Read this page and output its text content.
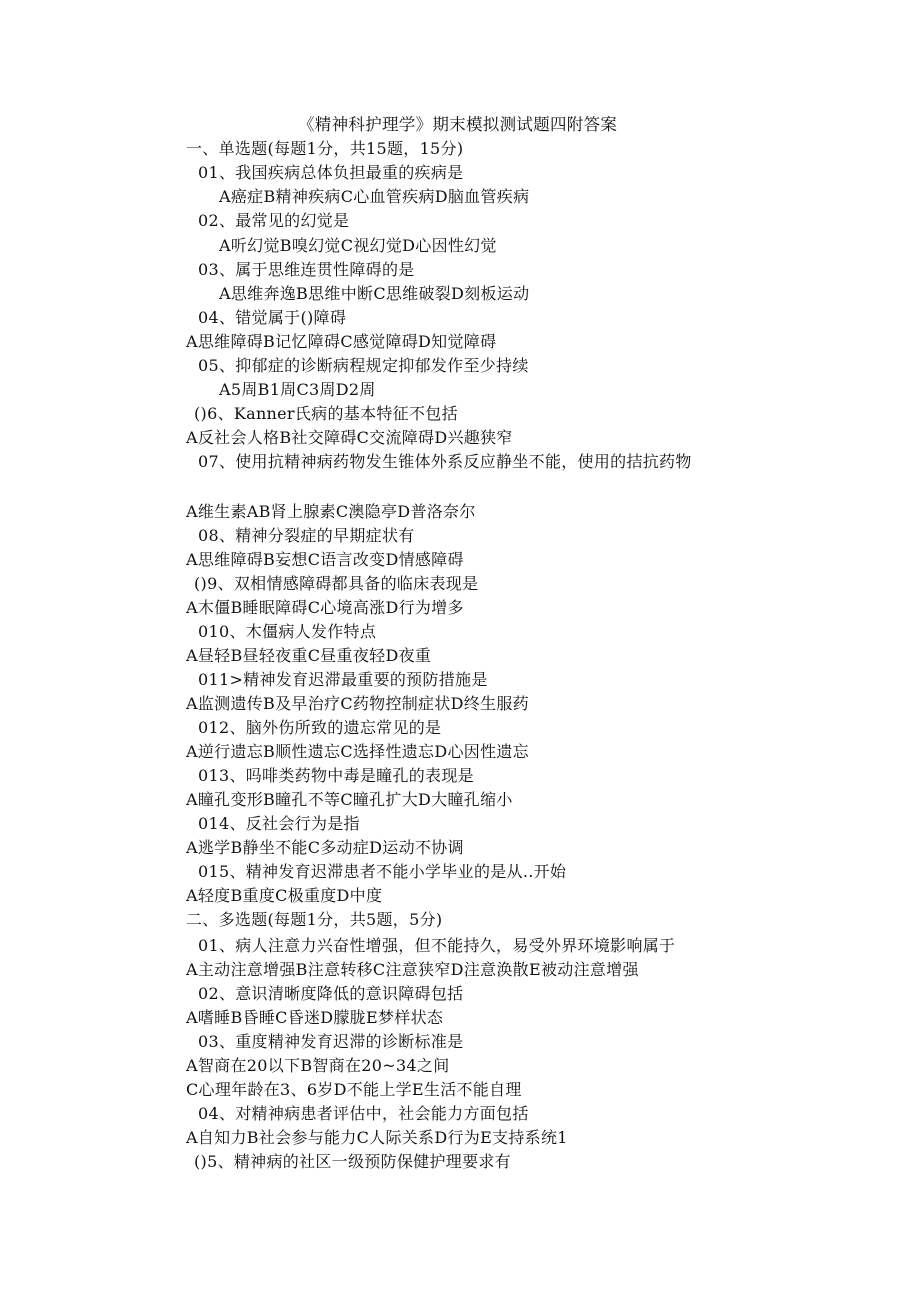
《精神科护理学》期末模拟测试题四附答案
一、单选题(每题1分，共15题，15分)
01、我国疾病总体负担最重的疾病是
A癌症B精神疾病C心血管疾病D脑血管疾病
02、最常见的幻觉是
A听幻觉B嗅幻觉C视幻觉D心因性幻觉
03、属于思维连贯性障碍的是
A思维奔逸B思维中断C思维破裂D刻板运动
04、错觉属于()障碍
A思维障碍B记忆障碍C感觉障碍D知觉障碍
05、抑郁症的诊断病程规定抑郁发作至少持续
A5周B1周C3周D2周
()6、Kanner氏病的基本特征不包括
A反社会人格B社交障碍C交流障碍D兴趣狭窄
07、使用抗精神病药物发生锥体外系反应静坐不能，使用的拮抗药物
A维生素AB肾上腺素C澳隐亭D普洛奈尔
08、精神分裂症的早期症状有
A思维障碍B妄想C语言改变D情感障碍
()9、双相情感障碍都具备的临床表现是
A木僵B睡眠障碍C心境高涨D行为增多
010、木僵病人发作特点
A昼轻B昼轻夜重C昼重夜轻D夜重
011>精神发育迟滞最重要的预防措施是
A监测遗传B及早治疗C药物控制症状D终生服药
012、脑外伤所致的遗忘常见的是
A逆行遗忘B顺性遗忘C选择性遗忘D心因性遗忘
013、吗啡类药物中毒是瞳孔的表现是
A瞳孔变形B瞳孔不等C瞳孔扩大D大瞳孔缩小
014、反社会行为是指
A逃学B静坐不能C多动症D运动不协调
015、精神发育迟滞患者不能小学毕业的是从..开始
A轻度B重度C极重度D中度
二、多选题(每题1分，共5题，5分)
01、病人注意力兴奋性增强，但不能持久，易受外界环境影响属于
A主动注意增强B注意转移C注意狭窄D注意涣散E被动注意增强
02、意识清晰度降低的意识障碍包括
A嗜睡B昏睡C昏迷D朦胧E梦样状态
03、重度精神发育迟滞的诊断标准是
A智商在20以下B智商在20~34之间
C心理年龄在3、6岁D不能上学E生活不能自理
04、对精神病患者评估中，社会能力方面包括
A自知力B社会参与能力C人际关系D行为E支持系统1
()5、精神病的社区一级预防保健护理要求有
